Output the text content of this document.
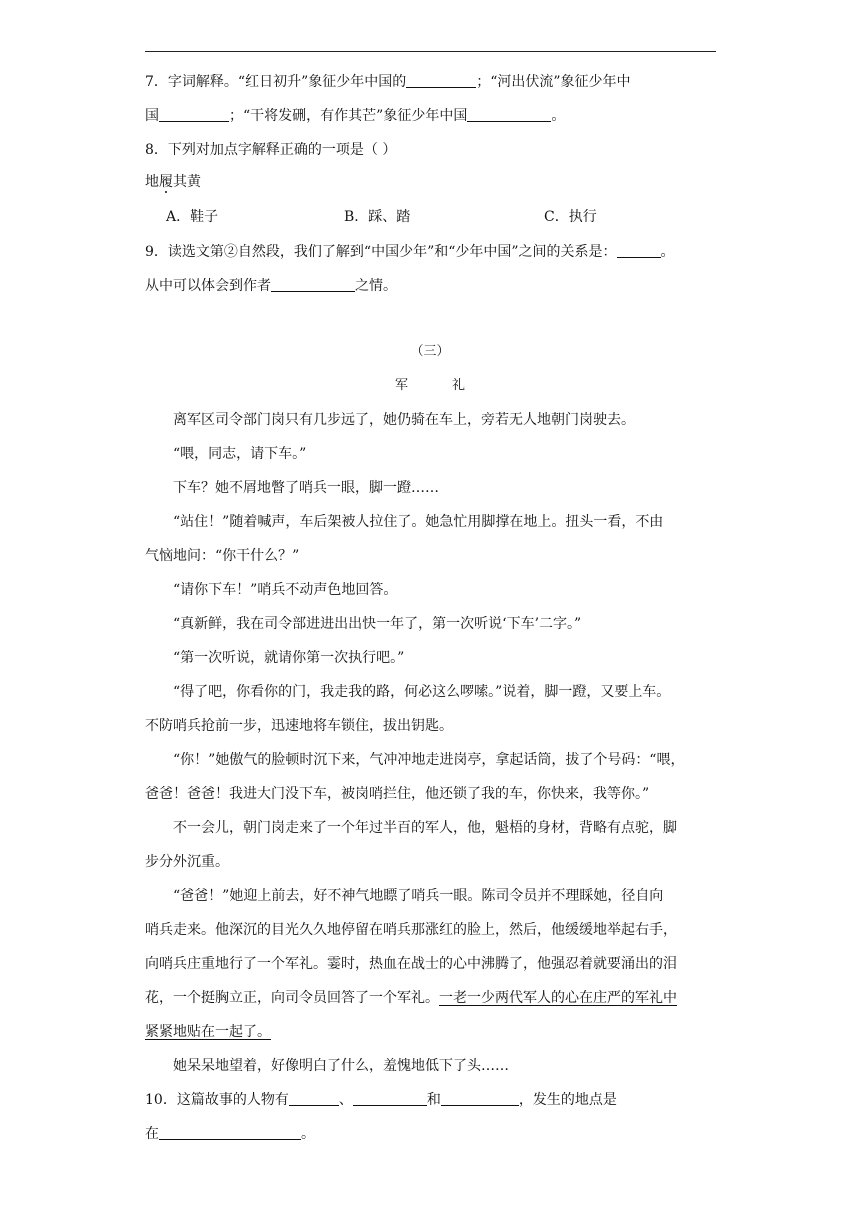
7．字词解释。“红日初升”象征少年中国的	；“河出伏流”象征少年中
国	；“干将发硎，有作其芒”象征少年中国	。
8．下列对加点字解释正确的一项是（ ）
地履其黄
A．鞋子	B．踩、踏	C．执行
9．读选文第②自然段，我们了解到“中国少年”和“少年中国”之间的关系是：	。
从中可以体会到作者	之情。
（三）
军礼
离军区司令部门岗只有几步远了，她仍骑在车上，旁若无人地朝门岗驶去。
“喂，同志，请下车。”
下车？她不屑地瞥了哨兵一眼，脚一蹬……
“站住！”随着喊声，车后架被人拉住了。她急忙用脚撑在地上。扭头一看，不由
气恼地问：“你干什么？”
“请你下车！”哨兵不动声色地回答。
“真新鲜，我在司令部进进出出快一年了，第一次听说‘下车’二字。”
“第一次听说，就请你第一次执行吧。”
“得了吧，你看你的门，我走我的路，何必这么啰嗦。”说着，脚一蹬，又要上车。
不防哨兵抢前一步，迅速地将车锁住，拔出钥匙。
“你！”她傲气的脸顿时沉下来，气冲冲地走进岗亭，拿起话筒，拔了个号码：“喂，
爸爸！爸爸！我进大门没下车，被岗哨拦住，他还锁了我的车，你快来，我等你。”
不一会儿，朝门岗走来了一个年过半百的军人，他，魁梧的身材，背略有点驼，脚
步分外沉重。
“爸爸！”她迎上前去，好不神气地瞟了哨兵一眼。陈司令员并不理睬她，径自向
哨兵走来。他深沉的目光久久地停留在哨兵那涨红的脸上，然后，他缓缓地举起右手，
向哨兵庄重地行了一个军礼。霎时，热血在战士的心中沸腾了，他强忍着就要涌出的泪
花，一个挺胸立正，向司令员回答了一个军礼。一老一少两代军人的心在庄严的军礼中
紧紧地贴在一起了。
她呆呆地望着，好像明白了什么，羞愧地低下了头……
10．这篇故事的人物有	、	和	，发生的地点是
在	。
